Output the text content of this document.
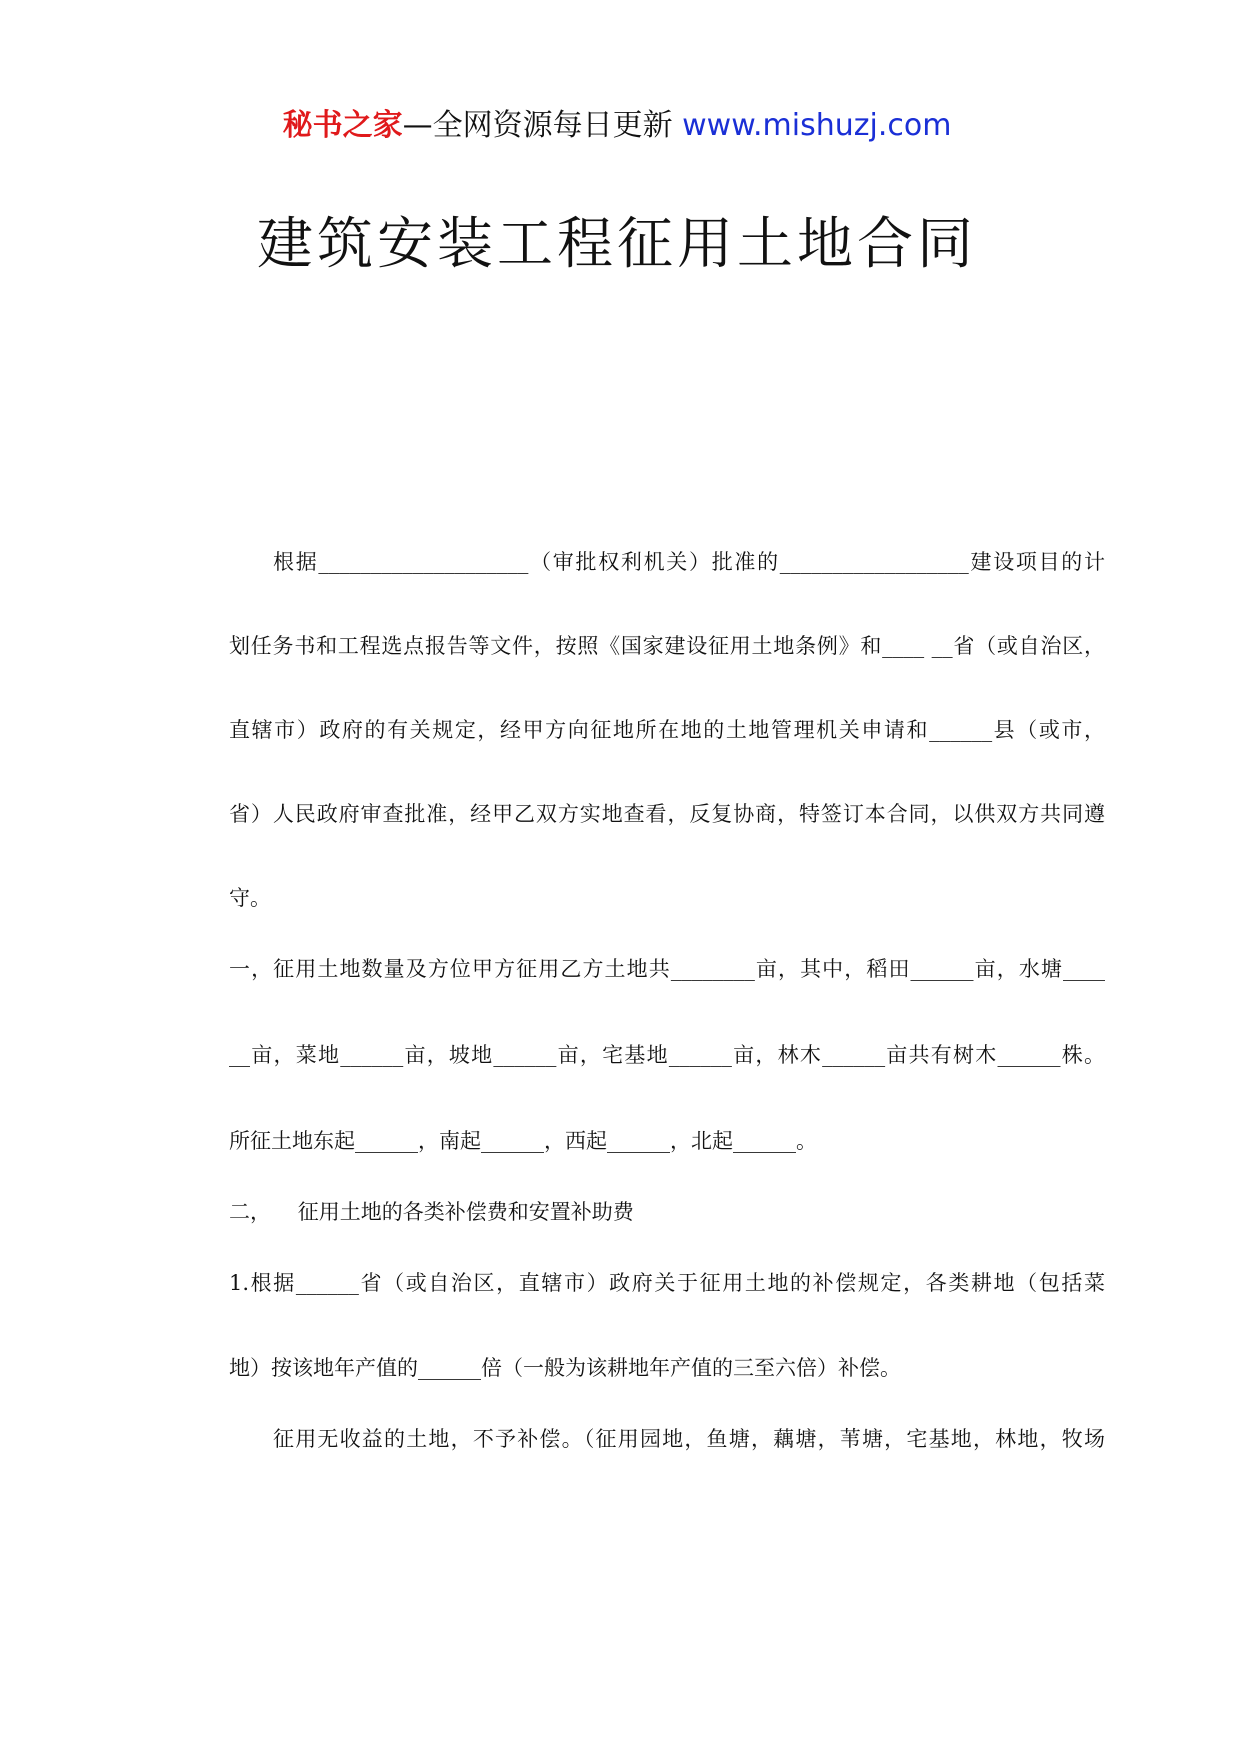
秘书之家—全网资源每日更新 www.mishuzj.com
建筑安装工程征用土地合同
根据____________________（审批权利机关）批准的__________________建设项目的计
划任务书和工程选点报告等文件，按照《国家建设征用土地条例》和____ __省（或自治区，
直辖市）政府的有关规定，经甲方向征地所在地的土地管理机关申请和______县（或市，
省）人民政府审查批准，经甲乙双方实地查看，反复协商，特签订本合同，以供双方共同遵
守。
一，征用土地数量及方位甲方征用乙方土地共________亩，其中，稻田______亩，水塘____
__亩，菜地______亩，坡地______亩，宅基地______亩，林木______亩共有树木______株。
所征土地东起______，南起______，西起______，北起______。
二，    征用土地的各类补偿费和安置补助费
1.根据______省（或自治区，直辖市）政府关于征用土地的补偿规定，各类耕地（包括菜
地）按该地年产值的______倍（一般为该耕地年产值的三至六倍）补偿。
征用无收益的土地，不予补偿。（征用园地，鱼塘，藕塘，苇塘，宅基地，林地，牧场
